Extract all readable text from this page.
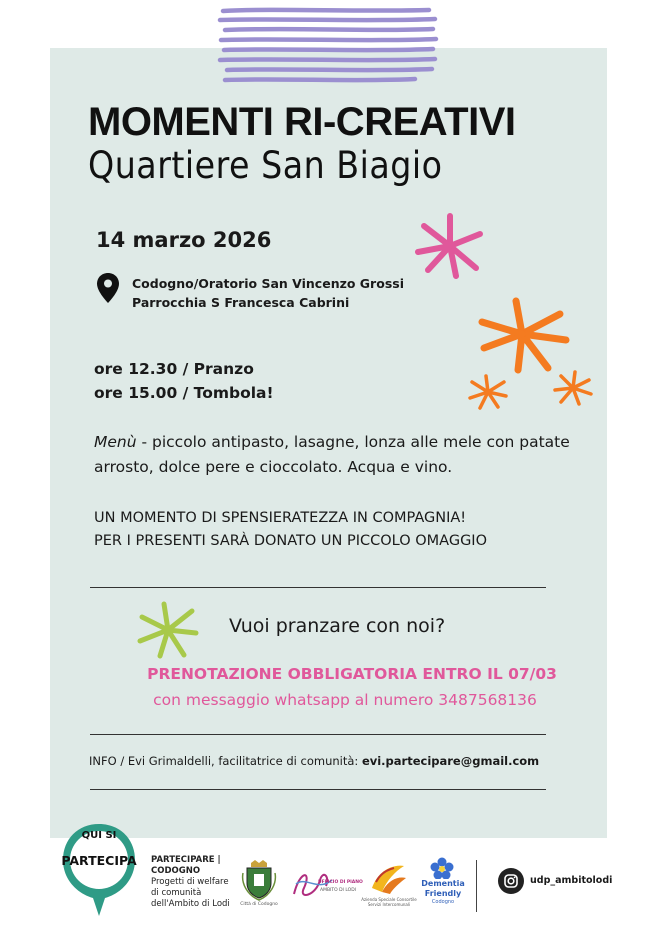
MOMENTI RI-CREATIVI
Quartiere San Biagio
14 marzo 2026
Codogno/Oratorio San Vincenzo Grossi
Parrocchia S Francesca Cabrini
ore 12.30 / Pranzo
ore 15.00 / Tombola!
Menù - piccolo antipasto, lasagne, lonza alle mele con patate arrosto, dolce pere e cioccolato. Acqua e vino.
UN MOMENTO DI SPENSIERATEZZA IN COMPAGNIA!
PER I PRESENTI SARÀ DONATO UN PICCOLO OMAGGIO
Vuoi pranzare con noi?
PRENOTAZIONE OBBLIGATORIA ENTRO IL 07/03
con messaggio whatsapp al numero 3487568136
INFO / Evi Grimaldelli, facilitatrice di comunità: evi.partecipare@gmail.com
QUI SI
PARTECIPA PARTECIPARE |
CODOGNO
Progetti di welfare
di comunità
dell'Ambito di Lodi	Città di Codogno
UFFICIO DI PIANO
AMBITO DI LODI
Azienda Speciale Consortile Servizi Intercomunali
Dementia
Friendly
Codogno
udp_ambitolodi
